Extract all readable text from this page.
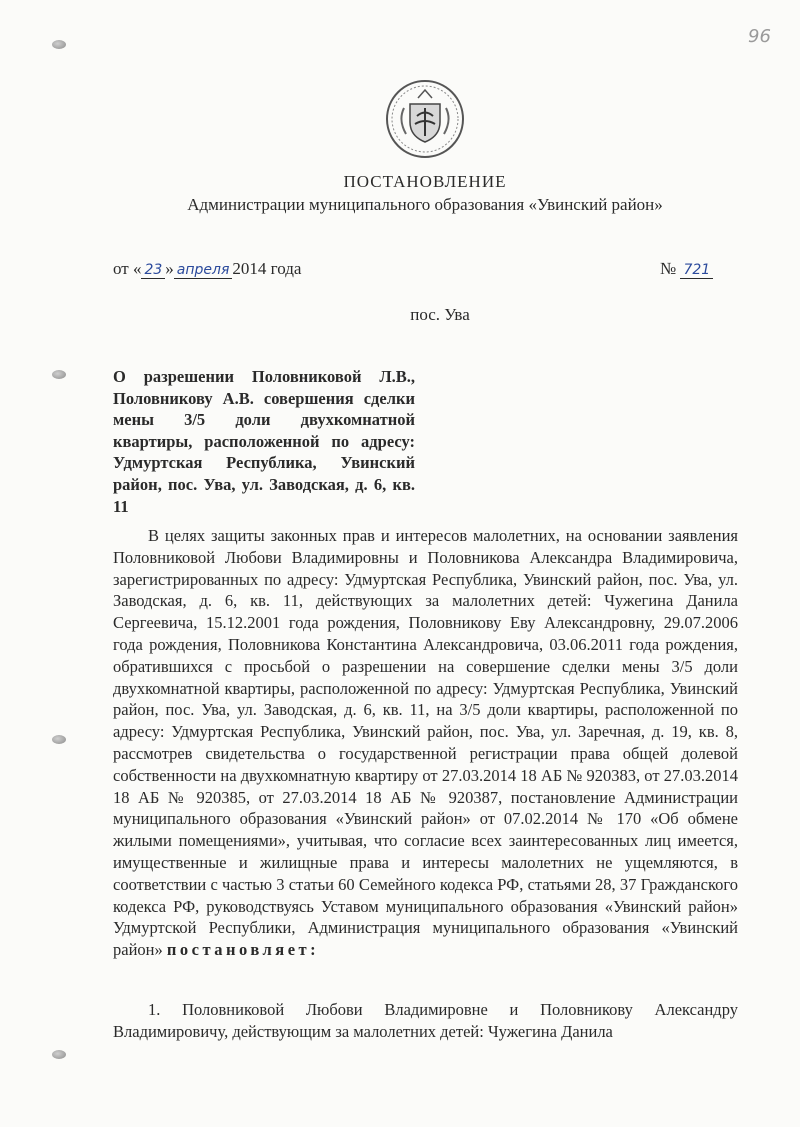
96
ПОСТАНОВЛЕНИЕ
Администрации муниципального образования «Увинский район»
от « 23 » апреля 2014 года	№ 721
пос. Ува
О разрешении Половниковой Л.В., Половникову А.В. совершения сделки мены 3/5 доли двухкомнатной квартиры, расположенной по адресу: Удмуртская Республика, Увинский район, пос. Ува, ул. Заводская, д. 6, кв. 11
В целях защиты законных прав и интересов малолетних, на основании заявления Половниковой Любови Владимировны и Половникова Александра Владимировича, зарегистрированных по адресу: Удмуртская Республика, Увинский район, пос. Ува, ул. Заводская, д. 6, кв. 11, действующих за малолетних детей: Чужегина Данила Сергеевича, 15.12.2001 года рождения, Половникову Еву Александровну, 29.07.2006 года рождения, Половникова Константина Александровича, 03.06.2011 года рождения, обратившихся с просьбой о разрешении на совершение сделки мены 3/5 доли двухкомнатной квартиры, расположенной по адресу: Удмуртская Республика, Увинский район, пос. Ува, ул. Заводская, д. 6, кв. 11, на 3/5 доли квартиры, расположенной по адресу: Удмуртская Республика, Увинский район, пос. Ува, ул. Заречная, д. 19, кв. 8, рассмотрев свидетельства о государственной регистрации права общей долевой собственности на двухкомнатную квартиру от 27.03.2014 18 АБ № 920383, от 27.03.2014 18 АБ № 920385, от 27.03.2014 18 АБ № 920387, постановление Администрации муниципального образования «Увинский район» от 07.02.2014 № 170 «Об обмене жилыми помещениями», учитывая, что согласие всех заинтересованных лиц имеется, имущественные и жилищные права и интересы малолетних не ущемляются, в соответствии с частью 3 статьи 60 Семейного кодекса РФ, статьями 28, 37 Гражданского кодекса РФ, руководствуясь Уставом муниципального образования «Увинский район» Удмуртской Республики, Администрация муниципального образования «Увинский район» постановляет:
1. Половниковой Любови Владимировне и Половникову Александру Владимировичу, действующим за малолетних детей: Чужегина Данила
